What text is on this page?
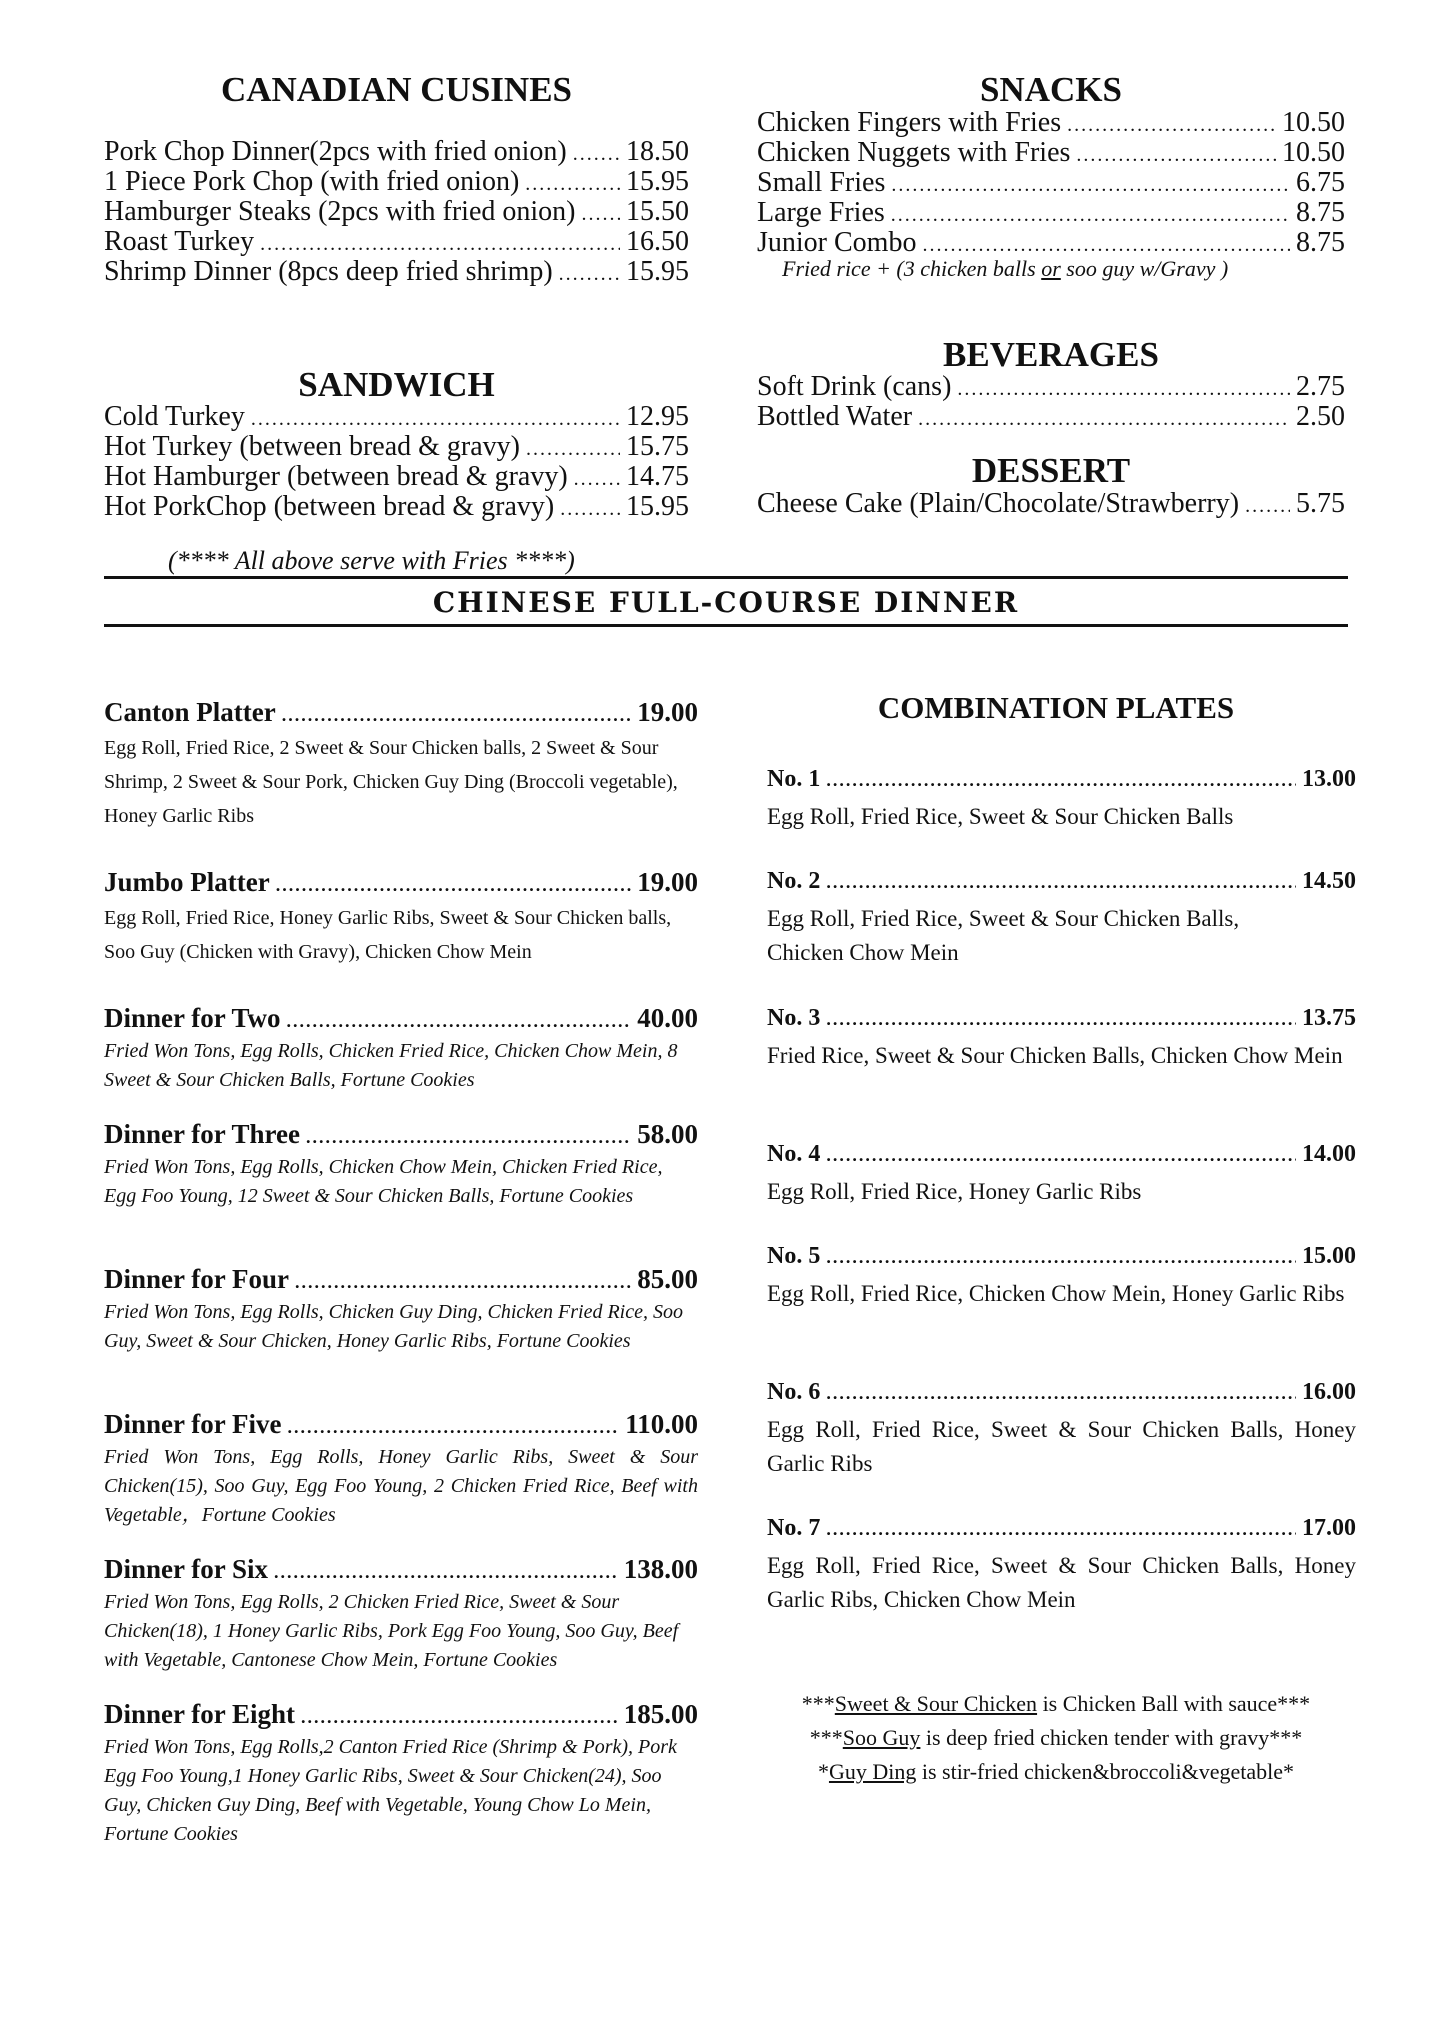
CANADIAN CUSINES
Pork Chop Dinner(2pcs with fried onion) ..... 18.50
1 Piece Pork Chop (with fried onion) .....	15.95
Hamburger Steaks (2pcs with fried onion) ..... 15.50
Roast Turkey .....	16.50
Shrimp Dinner (8pcs deep fried shrimp) .....	15.95
SNACKS
Chicken Fingers with Fries .....	10.50
Chicken Nuggets with Fries .....	10.50
Small Fries .....	6.75
Large Fries .....	8.75
Junior Combo .....	8.75
Fried rice + (3 chicken balls or soo guy w/Gravy )
SANDWICH
Cold Turkey .....	12.95
Hot Turkey (between bread & gravy) .....	15.75
Hot Hamburger (between bread & gravy) ..... 14.75
Hot PorkChop (between bread & gravy) .....	15.95
(**** All above serve with Fries ****)
BEVERAGES
Soft Drink (cans) .....	2.75
Bottled Water .....	2.50
DESSERT
Cheese Cake (Plain/Chocolate/Strawberry) ..... 5.75
CHINESE FULL-COURSE DINNER
Canton Platter .....	19.00
Egg Roll, Fried Rice, 2 Sweet & Sour Chicken balls, 2 Sweet & Sour Shrimp, 2 Sweet & Sour Pork, Chicken Guy Ding (Broccoli vegetable), Honey Garlic Ribs
Jumbo Platter .....	19.00
Egg Roll, Fried Rice, Honey Garlic Ribs, Sweet & Sour Chicken balls, Soo Guy (Chicken with Gravy), Chicken Chow Mein
Dinner for Two .....	40.00
Fried Won Tons, Egg Rolls, Chicken Fried Rice, Chicken Chow Mein, 8 Sweet & Sour Chicken Balls, Fortune Cookies
Dinner for Three .....	58.00
Fried Won Tons, Egg Rolls, Chicken Chow Mein, Chicken Fried Rice, Egg Foo Young, 12 Sweet & Sour Chicken Balls, Fortune Cookies
Dinner for Four .....	85.00
Fried Won Tons, Egg Rolls, Chicken Guy Ding, Chicken Fried Rice, Soo Guy, Sweet & Sour Chicken, Honey Garlic Ribs, Fortune Cookies
Dinner for Five .....	110.00
Fried Won Tons, Egg Rolls, Honey Garlic Ribs, Sweet & Sour Chicken(15), Soo Guy, Egg Foo Young, 2 Chicken Fried Rice, Beef with Vegetable，Fortune Cookies
Dinner for Six .....	138.00
Fried Won Tons, Egg Rolls, 2 Chicken Fried Rice, Sweet & Sour Chicken(18), 1 Honey Garlic Ribs, Pork Egg Foo Young, Soo Guy, Beef with Vegetable, Cantonese Chow Mein, Fortune Cookies
Dinner for Eight .....	185.00
Fried Won Tons, Egg Rolls,2 Canton Fried Rice (Shrimp & Pork), Pork Egg Foo Young,1 Honey Garlic Ribs, Sweet & Sour Chicken(24), Soo Guy, Chicken Guy Ding, Beef with Vegetable, Young Chow Lo Mein, Fortune Cookies
COMBINATION PLATES
No. 1 .....	13.00
Egg Roll, Fried Rice, Sweet & Sour Chicken Balls
No. 2 .....	14.50
Egg Roll, Fried Rice, Sweet & Sour Chicken Balls, Chicken Chow Mein
No. 3 .....	13.75
Fried Rice, Sweet & Sour Chicken Balls, Chicken Chow Mein
No. 4 .....	14.00
Egg Roll, Fried Rice, Honey Garlic Ribs
No. 5 .....	15.00
Egg Roll, Fried Rice, Chicken Chow Mein, Honey Garlic Ribs
No. 6 .....	16.00
Egg Roll, Fried Rice, Sweet & Sour Chicken Balls, Honey Garlic Ribs
No. 7 .....	17.00
Egg Roll, Fried Rice, Sweet & Sour Chicken Balls, Honey Garlic Ribs, Chicken Chow Mein
***Sweet & Sour Chicken is Chicken Ball with sauce***
***Soo Guy is deep fried chicken tender with gravy***
*Guy Ding is stir-fried chicken&broccoli&vegetable*
